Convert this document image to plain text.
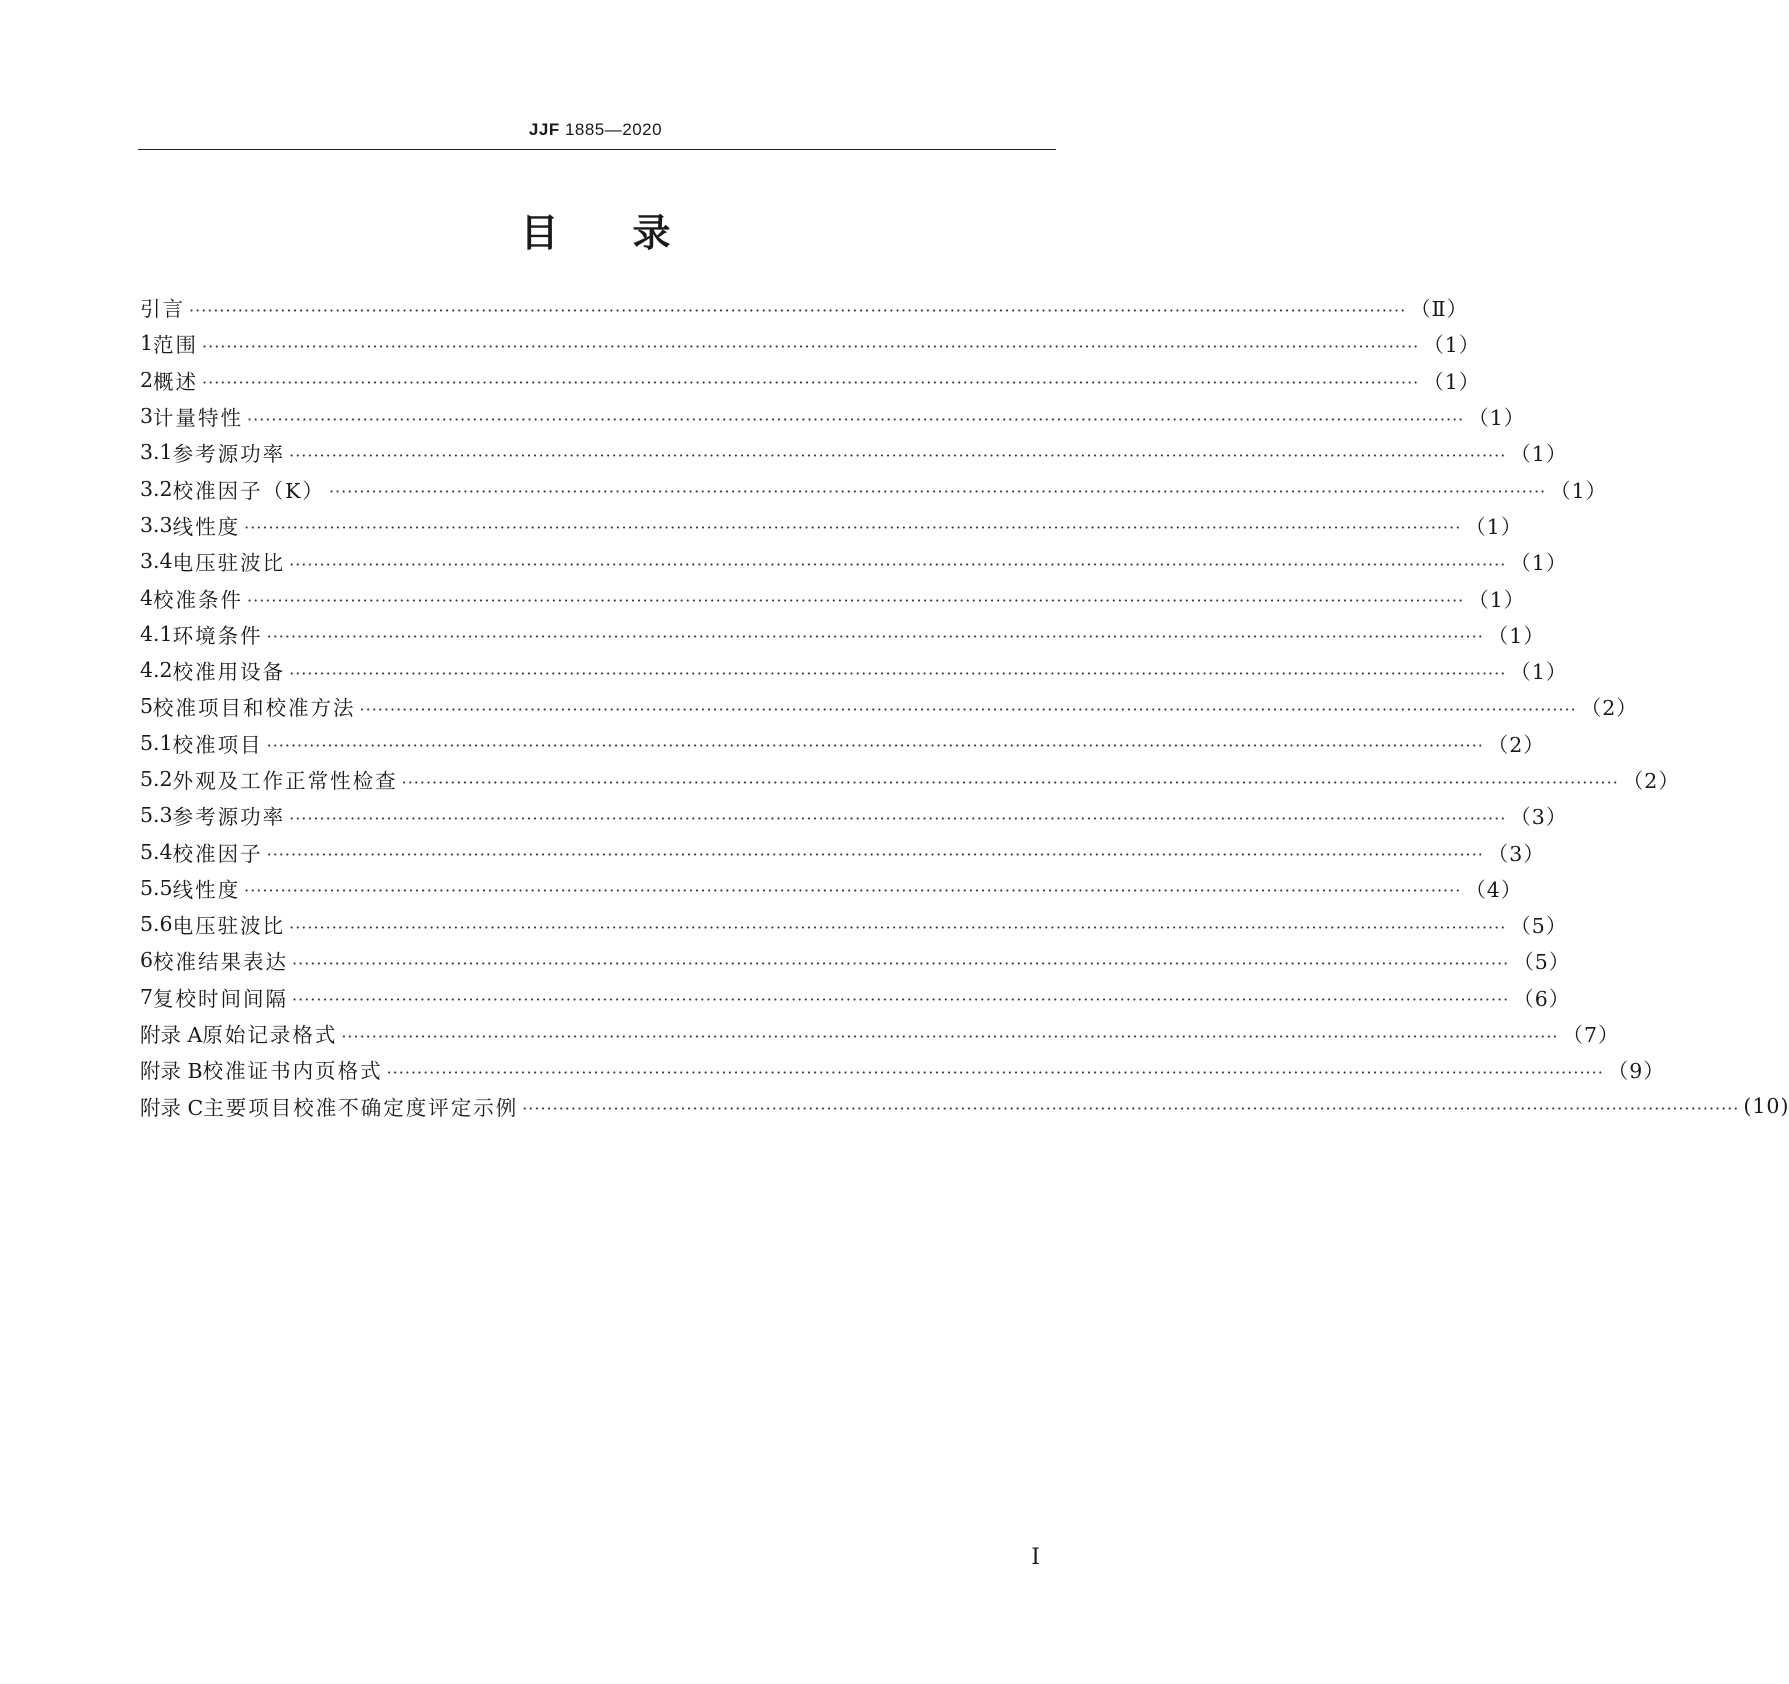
JJF 1885—2020
目 录
引言 ········································································································································································································ （Ⅱ）
1 范围 ········································································································································································································ （1）
2 概述 ········································································································································································································ （1）
3 计量特性 ········································································································································································································ （1）
3.1 参考源功率 ········································································································································································································ （1）
3.2 校准因子（K） ········································································································································································································ （1）
3.3 线性度 ········································································································································································································ （1）
3.4 电压驻波比 ········································································································································································································ （1）
4 校准条件 ········································································································································································································ （1）
4.1 环境条件 ········································································································································································································ （1）
4.2 校准用设备 ········································································································································································································ （1）
5 校准项目和校准方法 ········································································································································································································ （2）
5.1 校准项目 ········································································································································································································ （2）
5.2 外观及工作正常性检查 ········································································································································································································ （2）
5.3 参考源功率 ········································································································································································································ （3）
5.4 校准因子 ········································································································································································································ （3）
5.5 线性度 ········································································································································································································ （4）
5.6 电压驻波比 ········································································································································································································ （5）
6 校准结果表达 ········································································································································································································ （5）
7 复校时间间隔 ········································································································································································································ （6）
附录 A 原始记录格式 ········································································································································································································ （7）
附录 B 校准证书内页格式 ········································································································································································································ （9）
附录 C 主要项目校准不确定度评定示例 ········································································································································································································ (10)
I
